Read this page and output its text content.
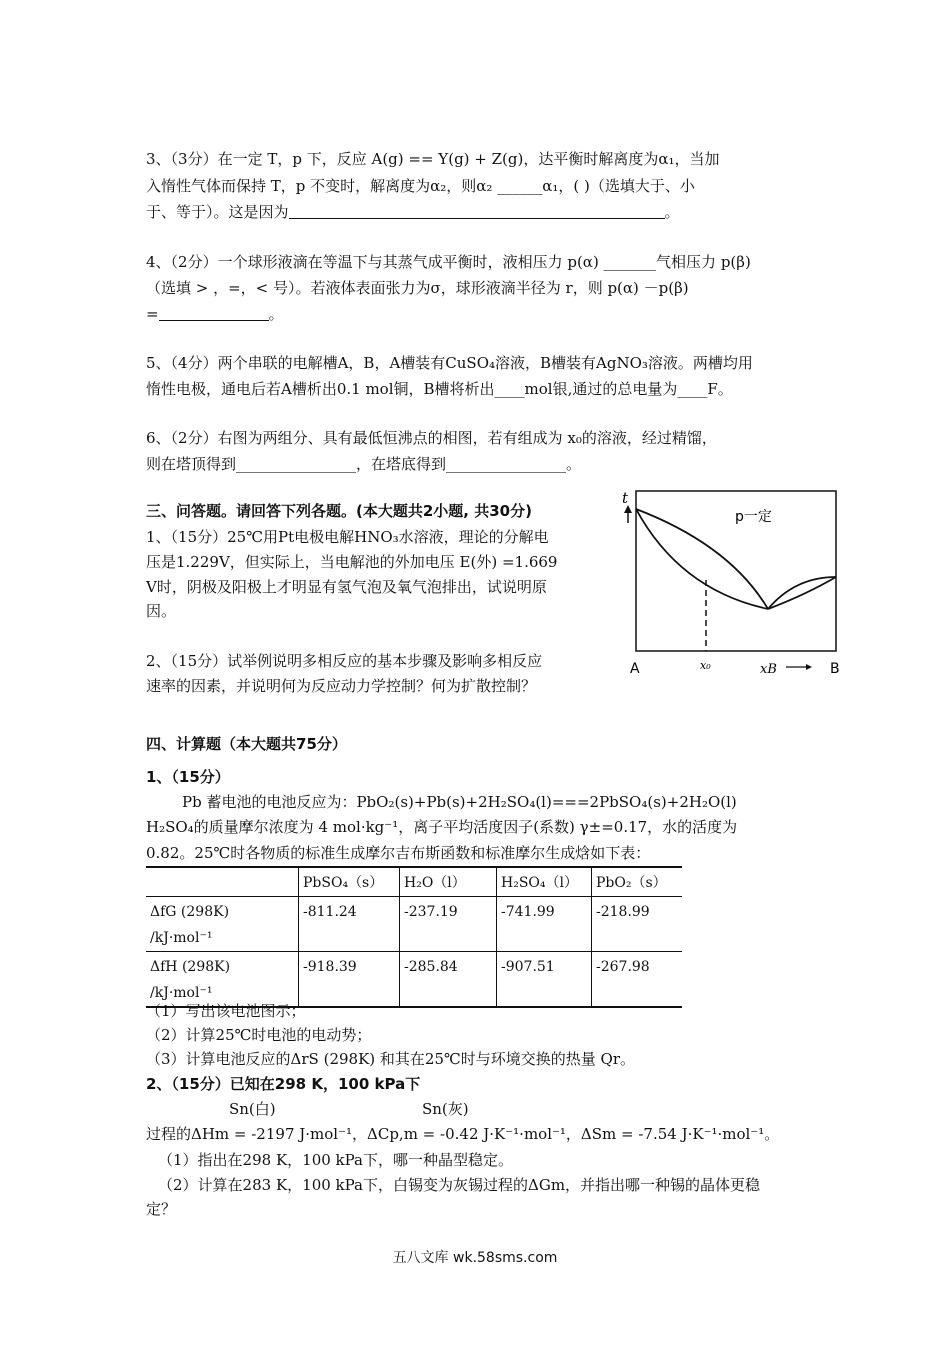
3、（3分）在一定 T，p 下，反应 A(g) == Y(g) + Z(g)，达平衡时解离度为α₁，当加
入惰性气体而保持 T，p 不变时，解离度为α₂，则α₂ ______α₁，( )（选填大于、小
于、等于）。这是因为	。
4、（2分）一个球形液滴在等温下与其蒸气成平衡时，液相压力 p(α) _______气相压力 p(β)
（选填 > ，=，< 号）。若液体表面张力为σ，球形液滴半径为 r，则 p(α) －p(β)
=	。
5、（4分）两个串联的电解槽A，B，A槽装有CuSO₄溶液，B槽装有AgNO₃溶液。两槽均用
惰性电极，通电后若A槽析出0.1 mol铜，B槽将析出____mol银,通过的总电量为____F。
6、（2分）右图为两组分、具有最低恒沸点的相图，若有组成为 x₀的溶液，经过精馏，
则在塔顶得到________________，在塔底得到________________。
三、问答题。请回答下列各题。(本大题共2小题, 共30分)
1、（15分）25℃用Pt电极电解HNO₃水溶液，理论的分解电
压是1.229V，但实际上，当电解池的外加电压 E(外) =1.669
V时，阴极及阳极上才明显有氢气泡及氧气泡排出，试说明原
因。
2、（15分）试举例说明多相反应的基本步骤及影响多相反应
速率的因素，并说明何为反应动力学控制？何为扩散控制？
t
p一定
A	x₀	xB	B
四、计算题（本大题共75分）
1、（15分）
Pb 蓄电池的电池反应为：PbO₂(s)+Pb(s)+2H₂SO₄(l)===2PbSO₄(s)+2H₂O(l)
H₂SO₄的质量摩尔浓度为 4 mol·kg⁻¹，离子平均活度因子(系数) γ±=0.17，水的活度为
0.82。25℃时各物质的标准生成摩尔吉布斯函数和标准摩尔生成焓如下表：
	PbSO₄（s）	H₂O（l）	H₂SO₄（l）	PbO₂（s）

ΔfG (298K)
/kJ·mol⁻¹	-811.24	-237.19	-741.99	-218.99

ΔfH (298K)
/kJ·mol⁻¹	-918.39	-285.84	-907.51	-267.98
（1）写出该电池图示；
（2）计算25℃时电池的电动势；
（3）计算电池反应的ΔrS (298K) 和其在25℃时与环境交换的热量 Qr。
2、（15分）已知在298 K，100 kPa下
Sn(白)	Sn(灰)
过程的ΔHm = -2197 J·mol⁻¹，ΔCp,m = -0.42 J·K⁻¹·mol⁻¹，ΔSm = -7.54 J·K⁻¹·mol⁻¹。
（1）指出在298 K，100 kPa下，哪一种晶型稳定。
（2）计算在283 K，100 kPa下，白锡变为灰锡过程的ΔGm，并指出哪一种锡的晶体更稳
定？
五八文库 wk.58sms.com
